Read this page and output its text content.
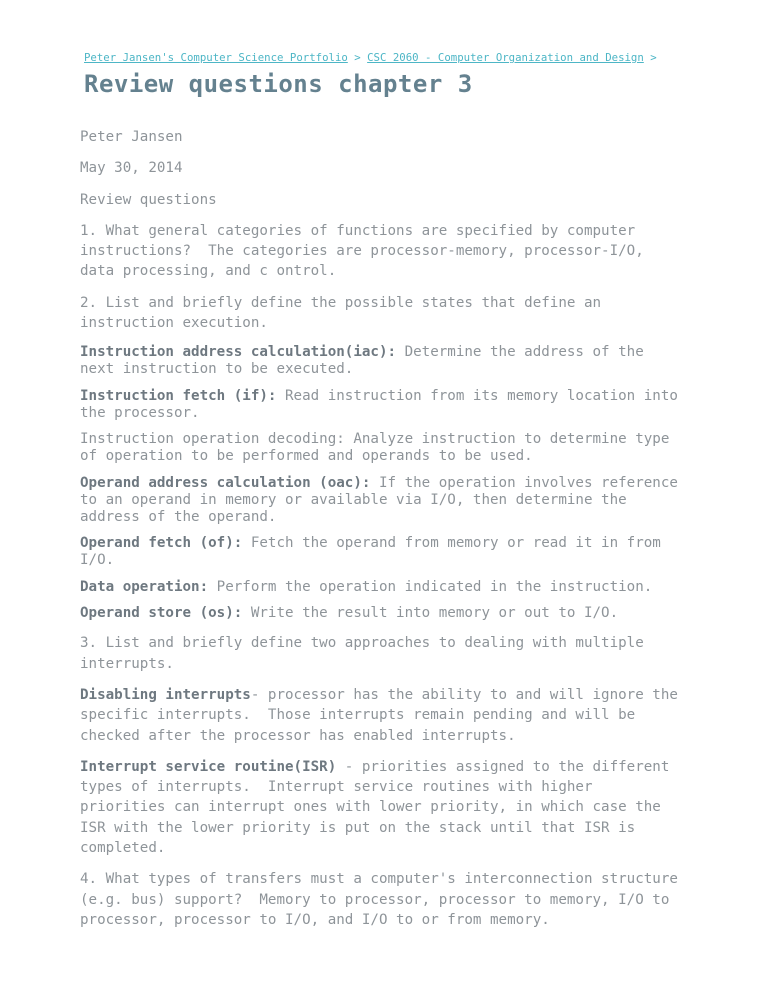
Peter Jansen's Computer Science Portfolio > CSC 2060 - Computer Organization and Design >
Review questions chapter 3

Peter Jansen

May 30, 2014

Review questions

1. What general categories of functions are specified by computer
instructions?  The categories are processor-memory, processor-I/O,
data processing, and c ontrol.

2. List and briefly define the possible states that define an
instruction execution.

Instruction address calculation(iac): Determine the address of the
next instruction to be executed.

Instruction fetch (if): Read instruction from its memory location into
the processor.

Instruction operation decoding: Analyze instruction to determine type
of operation to be performed and operands to be used.

Operand address calculation (oac): If the operation involves reference
to an operand in memory or available via I/O, then determine the
address of the operand.

Operand fetch (of): Fetch the operand from memory or read it in from
I/O.

Data operation: Perform the operation indicated in the instruction.

Operand store (os): Write the result into memory or out to I/O.

3. List and briefly define two approaches to dealing with multiple
interrupts.

Disabling interrupts- processor has the ability to and will ignore the
specific interrupts.  Those interrupts remain pending and will be
checked after the processor has enabled interrupts.

Interrupt service routine(ISR) - priorities assigned to the different
types of interrupts.  Interrupt service routines with higher
priorities can interrupt ones with lower priority, in which case the
ISR with the lower priority is put on the stack until that ISR is
completed.

4. What types of transfers must a computer's interconnection structure
(e.g. bus) support?  Memory to processor, processor to memory, I/O to
processor, processor to I/O, and I/O to or from memory.
